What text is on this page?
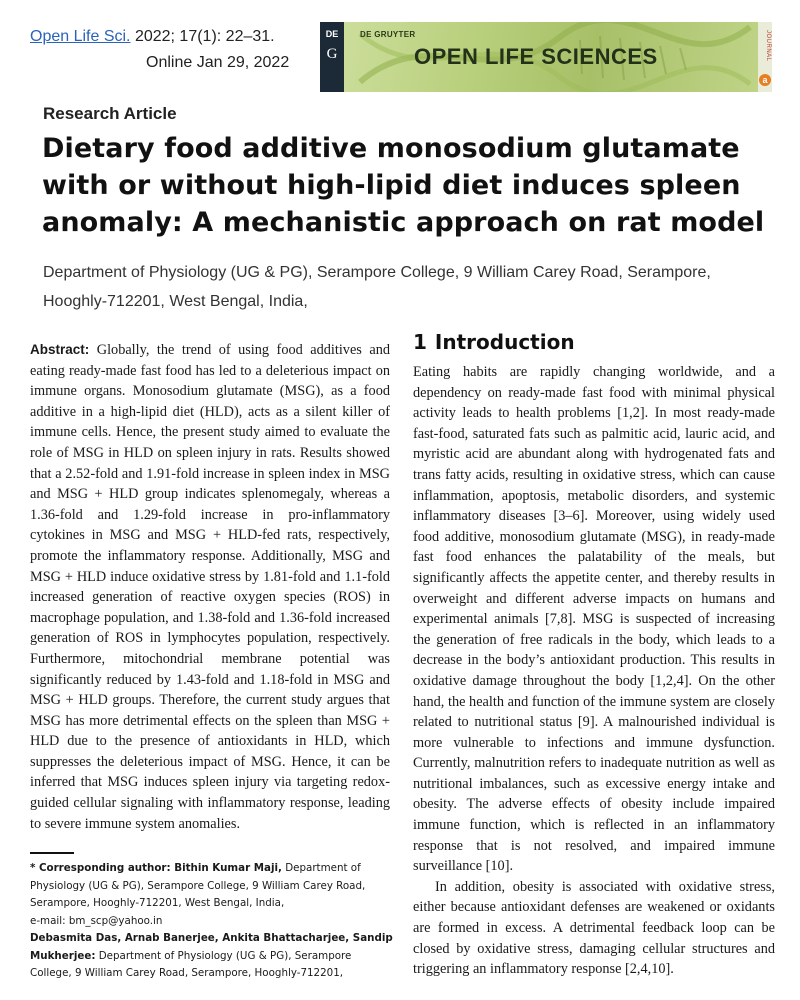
Open Life Sci. 2022; 17(1): 22–31.
Online Jan 29, 2022
DE
G
DE GRUYTER
OPEN LIFE SCIENCES	JOURNAL
a
Research Article
Dietary food additive monosodium glutamate with or without high-lipid diet induces spleen anomaly: A mechanistic approach on rat model
Department of Physiology (UG & PG), Serampore College, 9 William Carey Road, Serampore, Hooghly-712201, West Bengal, India,
Abstract: Globally, the trend of using food additives and eating ready-made fast food has led to a deleterious impact on immune organs. Monosodium glutamate (MSG), as a food additive in a high-lipid diet (HLD), acts as a silent killer of immune cells. Hence, the present study aimed to evaluate the role of MSG in HLD on spleen injury in rats. Results showed that a 2.52-fold and 1.91-fold increase in spleen index in MSG and MSG + HLD group indicates splenomegaly, whereas a 1.36-fold and 1.29-fold increase in pro-inflammatory cytokines in MSG and MSG + HLD-fed rats, respectively, promote the inflammatory response. Additionally, MSG and MSG + HLD induce oxidative stress by 1.81-fold and 1.1-fold increased generation of reactive oxygen species (ROS) in macrophage population, and 1.38-fold and 1.36-fold increased generation of ROS in lymphocytes population, respectively. Furthermore, mitochondrial membrane potential was significantly reduced by 1.43-fold and 1.18-fold in MSG and MSG + HLD groups. Therefore, the current study argues that MSG has more detrimental effects on the spleen than MSG + HLD due to the presence of antioxidants in HLD, which suppresses the deleterious impact of MSG. Hence, it can be inferred that MSG induces spleen injury via targeting redox-guided cellular signaling with inflammatory response, leading to severe immune system anomalies.
* Corresponding author: Bithin Kumar Maji, Department of Physiology (UG & PG), Serampore College, 9 William Carey Road, Serampore, Hooghly-712201, West Bengal, India,
e-mail: bm_scp@yahoo.in
Debasmita Das, Arnab Banerjee, Ankita Bhattacharjee, Sandip Mukherjee: Department of Physiology (UG & PG), Serampore College, 9 William Carey Road, Serampore, Hooghly-712201,
1 Introduction

Eating habits are rapidly changing worldwide, and a dependency on ready-made fast food with minimal physical activity leads to health problems [1,2]. In most ready-made fast-food, saturated fats such as palmitic acid, lauric acid, and myristic acid are abundant along with hydrogenated fats and trans fatty acids, resulting in oxidative stress, which can cause inflammation, apoptosis, metabolic disorders, and systemic inflammatory diseases [3–6]. Moreover, using widely used food additive, monosodium glutamate (MSG), in ready-made fast food enhances the palatability of the meals, but significantly affects the appetite center, and thereby results in overweight and different adverse impacts on humans and experimental animals [7,8]. MSG is suspected of increasing the generation of free radicals in the body, which leads to a decrease in the body’s antioxidant production. This results in oxidative damage throughout the body [1,2,4]. On the other hand, the health and function of the immune system are closely related to nutritional status [9]. A malnourished individual is more vulnerable to infections and immune dysfunction. Currently, malnutrition refers to inadequate nutrition as well as nutritional imbalances, such as excessive energy intake and obesity. The adverse effects of obesity include impaired immune function, which is reflected in an inflammatory response that is not resolved, and impaired immune surveillance [10].

In addition, obesity is associated with oxidative stress, either because antioxidant defenses are weakened or oxidants are formed in excess. A detrimental feedback loop can be closed by oxidative stress, damaging cellular structures and triggering an inflammatory response [2,4,10].
